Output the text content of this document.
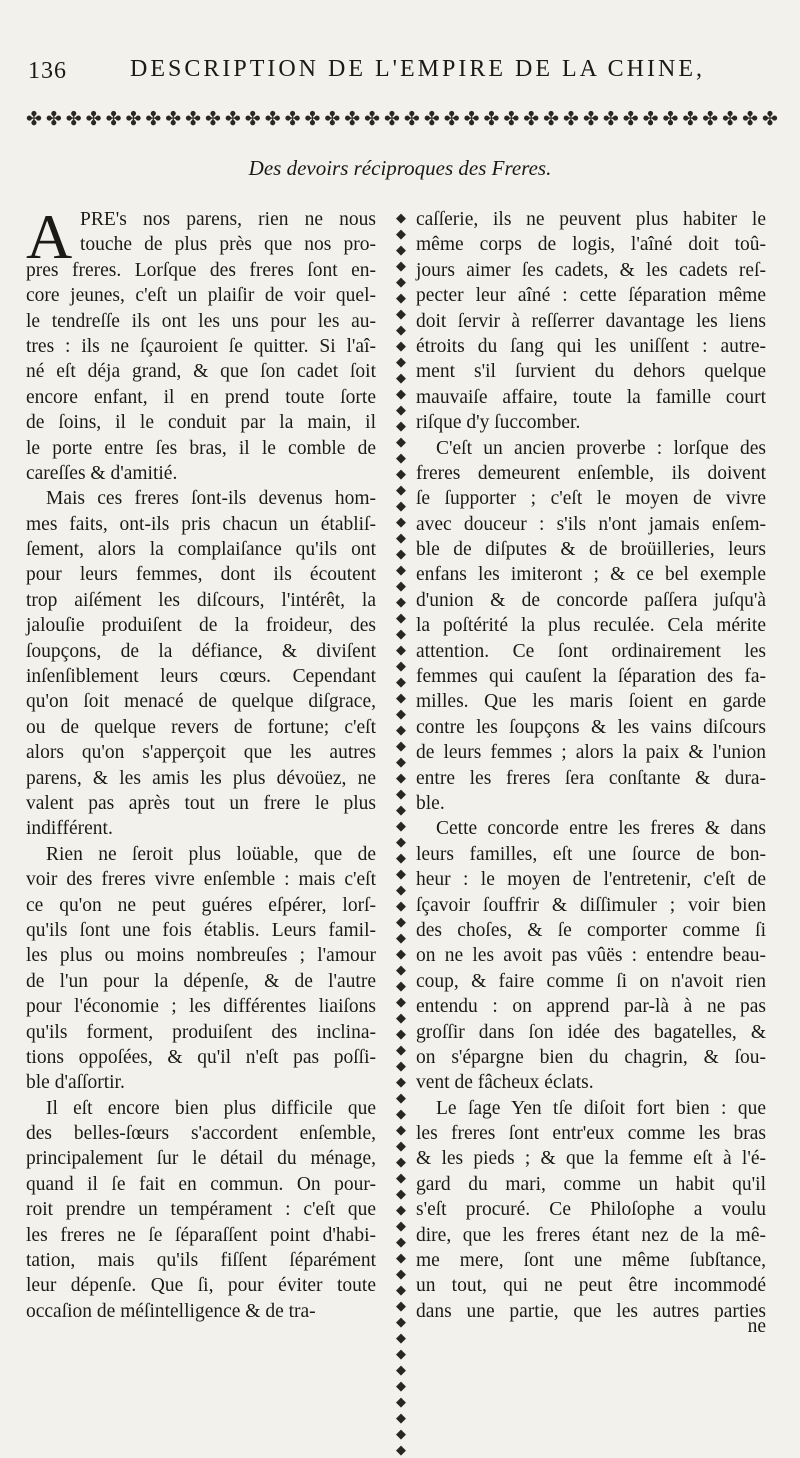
136	DESCRIPTION DE L'EMPIRE DE LA CHINE,
✤ ✤ ✤ ✤ ✤ ✤ ✤ ✤ ✤ ✤ ✤ ✤ ✤ ✤ ✤ ✤ ✤ ✤ ✤ ✤ ✤ ✤ ✤ ✤ ✤ ✤ ✤ ✤ ✤ ✤ ✤ ✤ ✤ ✤ ✤ ✤ ✤ ✤
Des devoirs réciproques des Freres.
A PRE's nos parens, rien ne nous
touche de plus près que nos pro-
pres freres. Lorſque des freres ſont en-
core jeunes, c'eſt un plaiſir de voir quel-
le tendreſſe ils ont les uns pour les au-
tres : ils ne ſçauroient ſe quitter. Si l'aî-
né eſt déja grand, & que ſon cadet ſoit
encore enfant, il en prend toute ſorte
de ſoins, il le conduit par la main, il
le porte entre ſes bras, il le comble de
careſſes & d'amitié.
Mais ces freres ſont-ils devenus hom-
mes faits, ont-ils pris chacun un établiſ-
ſement, alors la complaiſance qu'ils ont
pour leurs femmes, dont ils écoutent
trop aiſément les diſcours, l'intérêt, la
jalouſie produiſent de la froideur, des
ſoupçons, de la défiance, & diviſent
inſenſiblement leurs cœurs. Cependant
qu'on ſoit menacé de quelque diſgrace,
ou de quelque revers de fortune; c'eſt
alors qu'on s'apperçoit que les autres
parens, & les amis les plus dévoüez, ne
valent pas après tout un frere le plus
indifférent.
Rien ne ſeroit plus loüable, que de
voir des freres vivre enſemble : mais c'eſt
ce qu'on ne peut guéres eſpérer, lorſ-
qu'ils ſont une fois établis. Leurs famil-
les plus ou moins nombreuſes ; l'amour
de l'un pour la dépenſe, & de l'autre
pour l'économie ; les différentes liaiſons
qu'ils forment, produiſent des inclina-
tions oppoſées, & qu'il n'eſt pas poſſi-
ble d'aſſortir.
Il eſt encore bien plus difficile que
des belles-ſœurs s'accordent enſemble,
principalement ſur le détail du ménage,
quand il ſe fait en commun. On pour-
roit prendre un tempérament : c'eſt que
les freres ne ſe ſéparaſſent point d'habi-
tation, mais qu'ils fiſſent ſéparément
leur dépenſe. Que ſi, pour éviter toute
occaſion de méſintelligence & de tra-
◆
◆
◆
◆
◆
◆
◆
◆
◆
◆
◆
◆
◆
◆
◆
◆
◆
◆
◆
◆
◆
◆
◆
◆
◆
◆
◆
◆
◆
◆
◆
◆
◆
◆
◆
◆
◆
◆
◆
◆
◆
◆
◆
◆
◆
◆
◆
◆
◆
◆
◆
◆
◆
◆
◆
◆
◆
◆
◆
◆
◆
◆
◆
◆
◆
◆
◆
◆
◆
◆
◆
◆
◆
◆
◆
◆
◆
◆
caſſerie, ils ne peuvent plus habiter le
même corps de logis, l'aîné doit toû-
jours aimer ſes cadets, & les cadets reſ-
pecter leur aîné : cette ſéparation même
doit ſervir à reſſerrer davantage les liens
étroits du ſang qui les uniſſent : autre-
ment s'il ſurvient du dehors quelque
mauvaiſe affaire, toute la famille court
riſque d'y ſuccomber.
C'eſt un ancien proverbe : lorſque des
freres demeurent enſemble, ils doivent
ſe ſupporter ; c'eſt le moyen de vivre
avec douceur : s'ils n'ont jamais enſem-
ble de diſputes & de broüilleries, leurs
enfans les imiteront ; & ce bel exemple
d'union & de concorde paſſera juſqu'à
la poſtérité la plus reculée. Cela mérite
attention. Ce ſont ordinairement les
femmes qui cauſent la ſéparation des fa-
milles. Que les maris ſoient en garde
contre les ſoupçons & les vains diſcours
de leurs femmes ; alors la paix & l'union
entre les freres ſera conſtante & dura-
ble.
Cette concorde entre les freres & dans
leurs familles, eſt une ſource de bon-
heur : le moyen de l'entretenir, c'eſt de
ſçavoir ſouffrir & diſſimuler ; voir bien
des choſes, & ſe comporter comme ſi
on ne les avoit pas vûës : entendre beau-
coup, & faire comme ſi on n'avoit rien
entendu : on apprend par-là à ne pas
groſſir dans ſon idée des bagatelles, &
on s'épargne bien du chagrin, & ſou-
vent de fâcheux éclats.
Le ſage Yen tſe diſoit fort bien : que
les freres ſont entr'eux comme les bras
& les pieds ; & que la femme eſt à l'é-
gard du mari, comme un habit qu'il
s'eſt procuré. Ce Philoſophe a voulu
dire, que les freres étant nez de la mê-
me mere, ſont une même ſubſtance,
un tout, qui ne peut être incommodé
dans une partie, que les autres parties
ne
